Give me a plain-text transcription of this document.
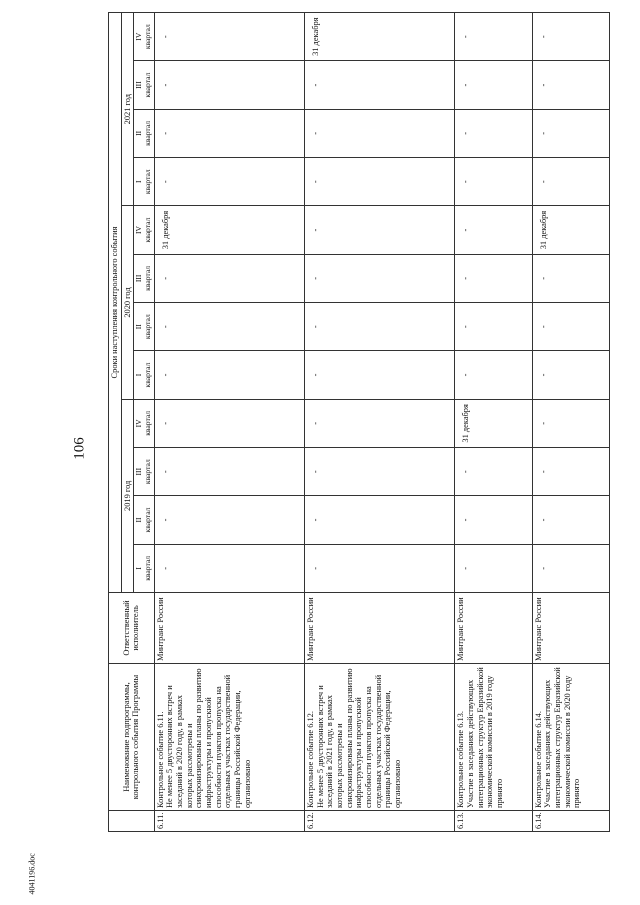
106
4041196.doc
	Наименование подпрограммы, контрольного события Программы	Ответственный исполнитель	Сроки наступления контрольного события											
			2019 год				2020 год				2021 год			

			I квартал	II квартал	III квартал	IV квартал	I квартал	II квартал	III квартал	IV квартал	I квартал	II квартал	III квартал	IV квартал

6.11.	Контрольное событие 6.11. Не менее 5 двусторонних встреч и заседаний в 2020 году, в рамках которых рассмотрены и синхронизированы планы по развитию инфраструктуры и пропускной способности пунктов пропуска на отдельных участках государственной границы Российской Федерации, организовано	Минтранс России	-	-	-	-	-	-	-	31 декабря	-	-	-	-
6.12.	Контрольное событие 6.12. Не менее 5 двусторонних встреч и заседаний в 2021 году, в рамках которых рассмотрены и синхронизированы планы по развитию инфраструктуры и пропускной способности пунктов пропуска на отдельных участках государственной границы Российской Федерации, организовано	Минтранс России	-	-	-	-	-	-	-	-	-	-	-	31 декабря
6.13.	Контрольное событие 6.13. Участие в заседаниях действующих интеграционных структур Евразийской экономической комиссии в 2019 году принято	Минтранс России	-	-	-	31 декабря	-	-	-	-	-	-	-	-
6.14.	Контрольное событие 6.14. Участие в заседаниях действующих интеграционных структур Евразийской экономической комиссии в 2020 году принято	Минтранс России	-	-	-	-	-	-	-	31 декабря	-	-	-	-
